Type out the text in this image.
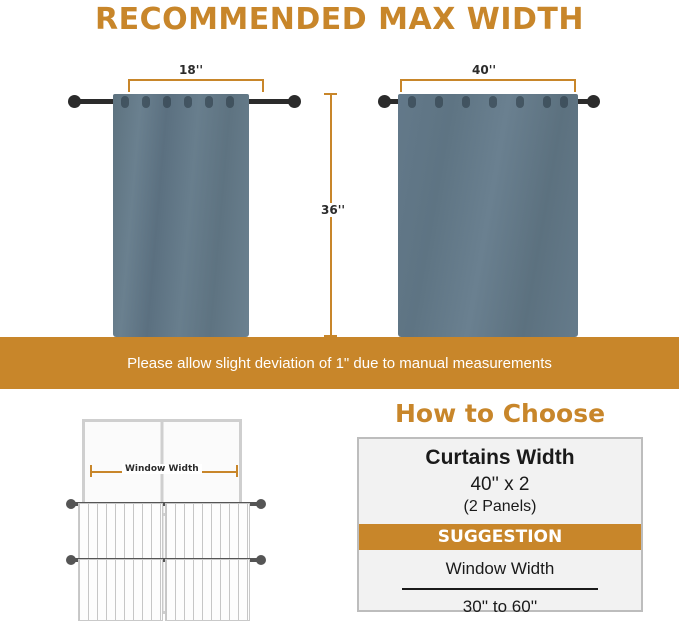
RECOMMENDED MAX WIDTH
18''
36''
40''
Please allow slight deviation of 1" due to manual measurements
Window Width
How to Choose
Curtains Width
40'' x 2
(2 Panels)
SUGGESTION
Window Width
30'' to 60''
